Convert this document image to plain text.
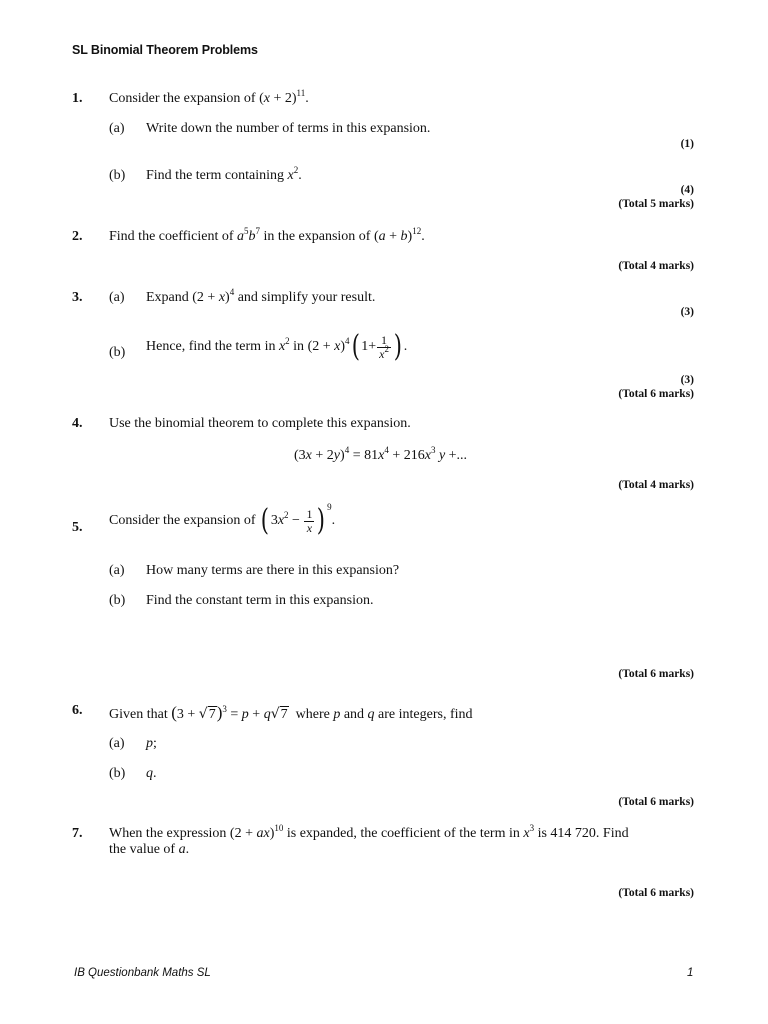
SL Binomial Theorem Problems
1. Consider the expansion of $(x + 2)^{11}$.
(a) Write down the number of terms in this expansion.
(1)
(b) Find the term containing $x^2$.
(4)
(Total 5 marks)
2. Find the coefficient of $a^5b^7$ in the expansion of $(a + b)^{12}$.
(Total 4 marks)
3. (a) Expand $(2 + x)^4$ and simplify your result.
(3)
(b) Hence, find the term in $x^2$ in $(2 + x)^4$( $1+ \frac{1}{x^2}$ ) .
(3)
(Total 6 marks)
4. Use the binomial theorem to complete this expansion.
$(3x + 2y)^4 = 81x^4 + 216x^3$ y +...
(Total 4 marks)
5. Consider the expansion of ( $3x^2 - \frac{1}{x}$ ) $^9$.
(a) How many terms are there in this expansion?
(b) Find the constant term in this expansion.
(Total 6 marks)
6. Given that $(3 + √7)^3 = p + q√7$ where p and q are integers, find
(a) p;
(b) q.
(Total 6 marks)
7. When the expression (2 + ax)$^{10}$ is expanded, the coefficient of the term in $x^3$ is 414 720. Find
the value of a.
(Total 6 marks)
IB Questionbank Maths SL	1
